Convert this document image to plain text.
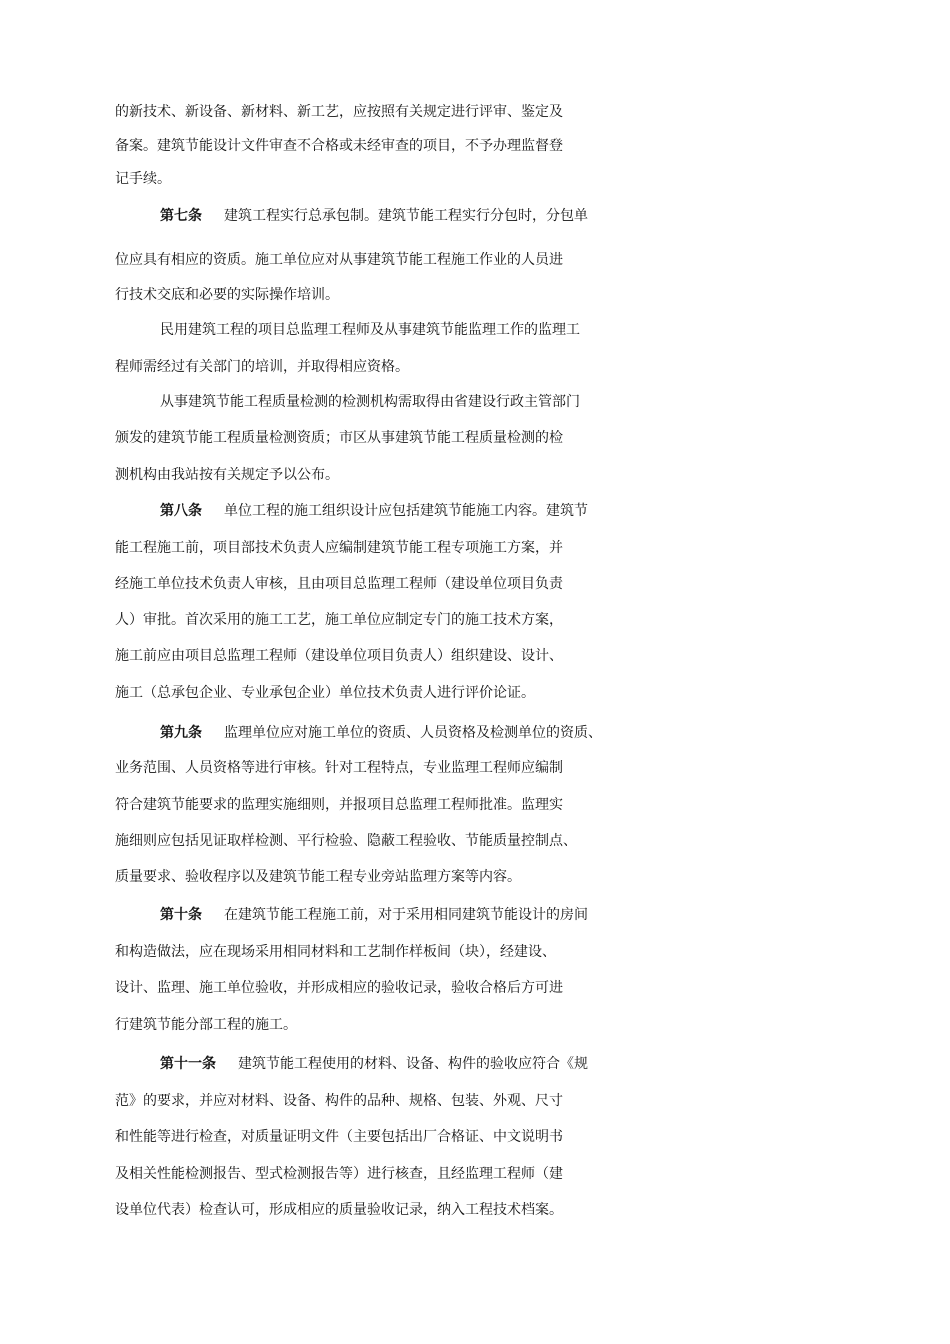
的新技术、新设备、新材料、新工艺，应按照有关规定进行评审、鉴定及
备案。建筑节能设计文件审查不合格或未经审查的项目，不予办理监督登
记手续。
第七条 建筑工程实行总承包制。建筑节能工程实行分包时，分包单
位应具有相应的资质。施工单位应对从事建筑节能工程施工作业的人员进
行技术交底和必要的实际操作培训。
民用建筑工程的项目总监理工程师及从事建筑节能监理工作的监理工
程师需经过有关部门的培训，并取得相应资格。
从事建筑节能工程质量检测的检测机构需取得由省建设行政主管部门
颁发的建筑节能工程质量检测资质；市区从事建筑节能工程质量检测的检
测机构由我站按有关规定予以公布。
第八条 单位工程的施工组织设计应包括建筑节能施工内容。建筑节
能工程施工前，项目部技术负责人应编制建筑节能工程专项施工方案，并
经施工单位技术负责人审核，且由项目总监理工程师（建设单位项目负责
人）审批。首次采用的施工工艺，施工单位应制定专门的施工技术方案，
施工前应由项目总监理工程师（建设单位项目负责人）组织建设、设计、
施工（总承包企业、专业承包企业）单位技术负责人进行评价论证。
第九条 监理单位应对施工单位的资质、人员资格及检测单位的资质、
业务范围、人员资格等进行审核。针对工程特点，专业监理工程师应编制
符合建筑节能要求的监理实施细则，并报项目总监理工程师批准。监理实
施细则应包括见证取样检测、平行检验、隐蔽工程验收、节能质量控制点、
质量要求、验收程序以及建筑节能工程专业旁站监理方案等内容。
第十条 在建筑节能工程施工前，对于采用相同建筑节能设计的房间
和构造做法，应在现场采用相同材料和工艺制作样板间（块），经建设、
设计、监理、施工单位验收，并形成相应的验收记录，验收合格后方可进
行建筑节能分部工程的施工。
第十一条 建筑节能工程使用的材料、设备、构件的验收应符合《规
范》的要求，并应对材料、设备、构件的品种、规格、包装、外观、尺寸
和性能等进行检查，对质量证明文件（主要包括出厂合格证、中文说明书
及相关性能检测报告、型式检测报告等）进行核查，且经监理工程师（建
设单位代表）检查认可，形成相应的质量验收记录，纳入工程技术档案。
